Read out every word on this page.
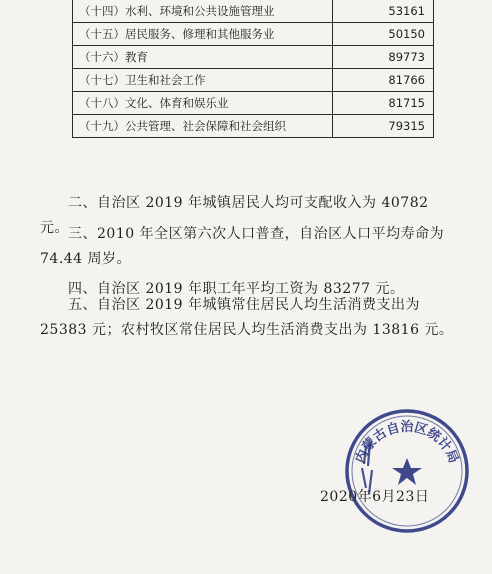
（十四）水利、环境和公共设施管理业	53161
（十五）居民服务、修理和其他服务业	50150
（十六）教育	89773
（十七）卫生和社会工作	81766
（十八）文化、体育和娱乐业	81715
（十九）公共管理、社会保障和社会组织	79315

二、自治区 2019 年城镇居民人均可支配收入为 40782 元。 三、2010 年全区第六次人口普查，自治区人口平均寿命为 74.44 周岁。

四、自治区 2019 年职工年平均工资为 83277 元。

五、自治区 2019 年城镇常住居民人均生活消费支出为
25383 元；农村牧区常住居民人均生活消费支出为 13816 元。
内蒙古自治区统计局
2020年6月23日
